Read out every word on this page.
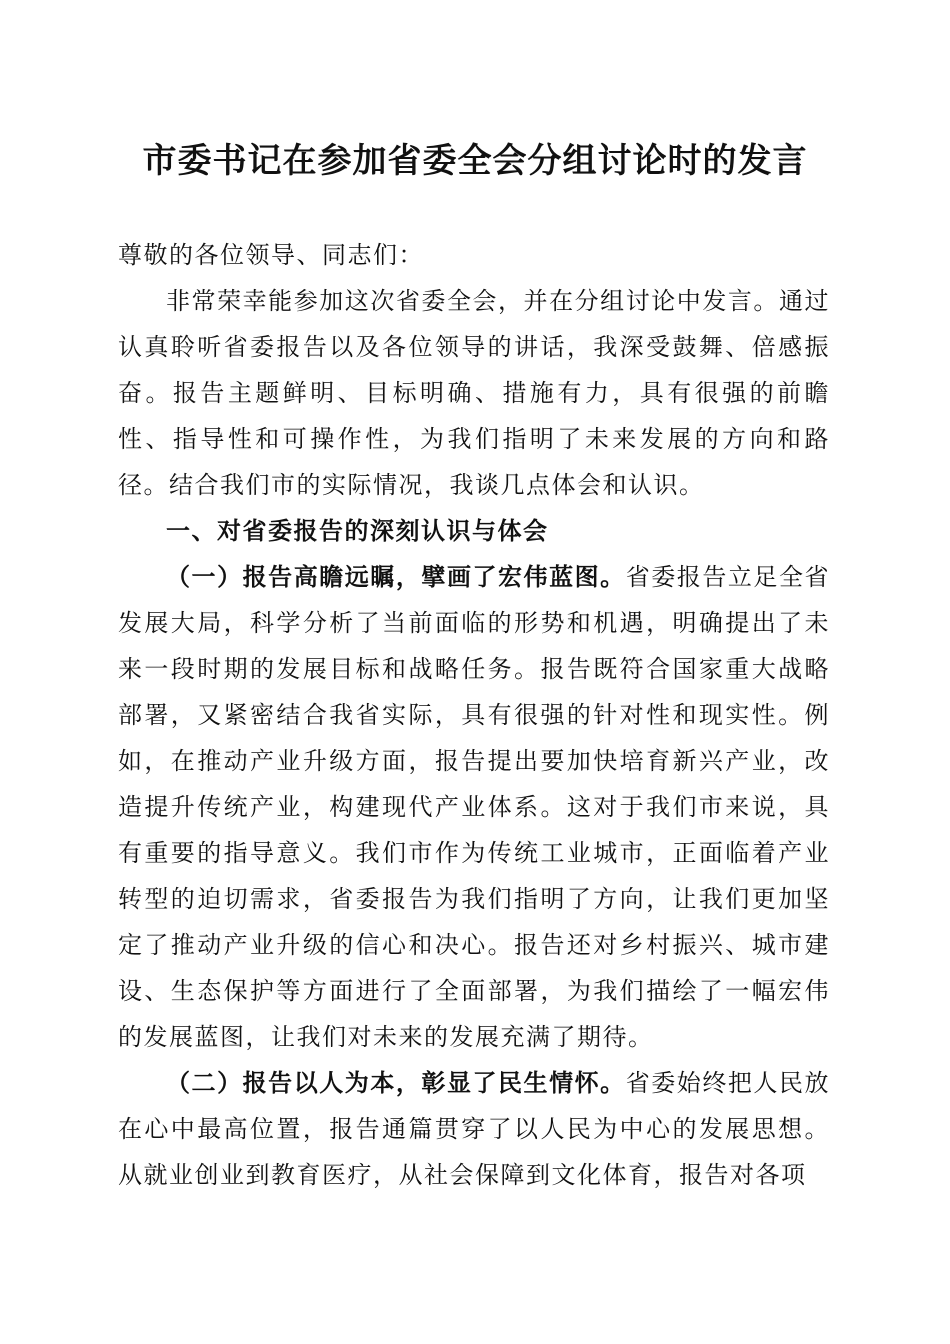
市委书记在参加省委全会分组讨论时的发言

尊敬的各位领导、同志们：

非常荣幸能参加这次省委全会，并在分组讨论中发言。通过认真聆听省委报告以及各位领导的讲话，我深受鼓舞、倍感振奋。报告主题鲜明、目标明确、措施有力，具有很强的前瞻性、指导性和可操作性，为我们指明了未来发展的方向和路径。结合我们市的实际情况，我谈几点体会和认识。

一、对省委报告的深刻认识与体会

（一）报告高瞻远瞩，擘画了宏伟蓝图。省委报告立足全省发展大局，科学分析了当前面临的形势和机遇，明确提出了未来一段时期的发展目标和战略任务。报告既符合国家重大战略部署，又紧密结合我省实际，具有很强的针对性和现实性。例如，在推动产业升级方面，报告提出要加快培育新兴产业，改造提升传统产业，构建现代产业体系。这对于我们市来说，具有重要的指导意义。我们市作为传统工业城市，正面临着产业转型的迫切需求，省委报告为我们指明了方向，让我们更加坚定了推动产业升级的信心和决心。报告还对乡村振兴、城市建设、生态保护等方面进行了全面部署，为我们描绘了一幅宏伟的发展蓝图，让我们对未来的发展充满了期待。

（二）报告以人为本，彰显了民生情怀。省委始终把人民放在心中最高位置，报告通篇贯穿了以人民为中心的发展思想。从就业创业到教育医疗，从社会保障到文化体育，报告对各项
